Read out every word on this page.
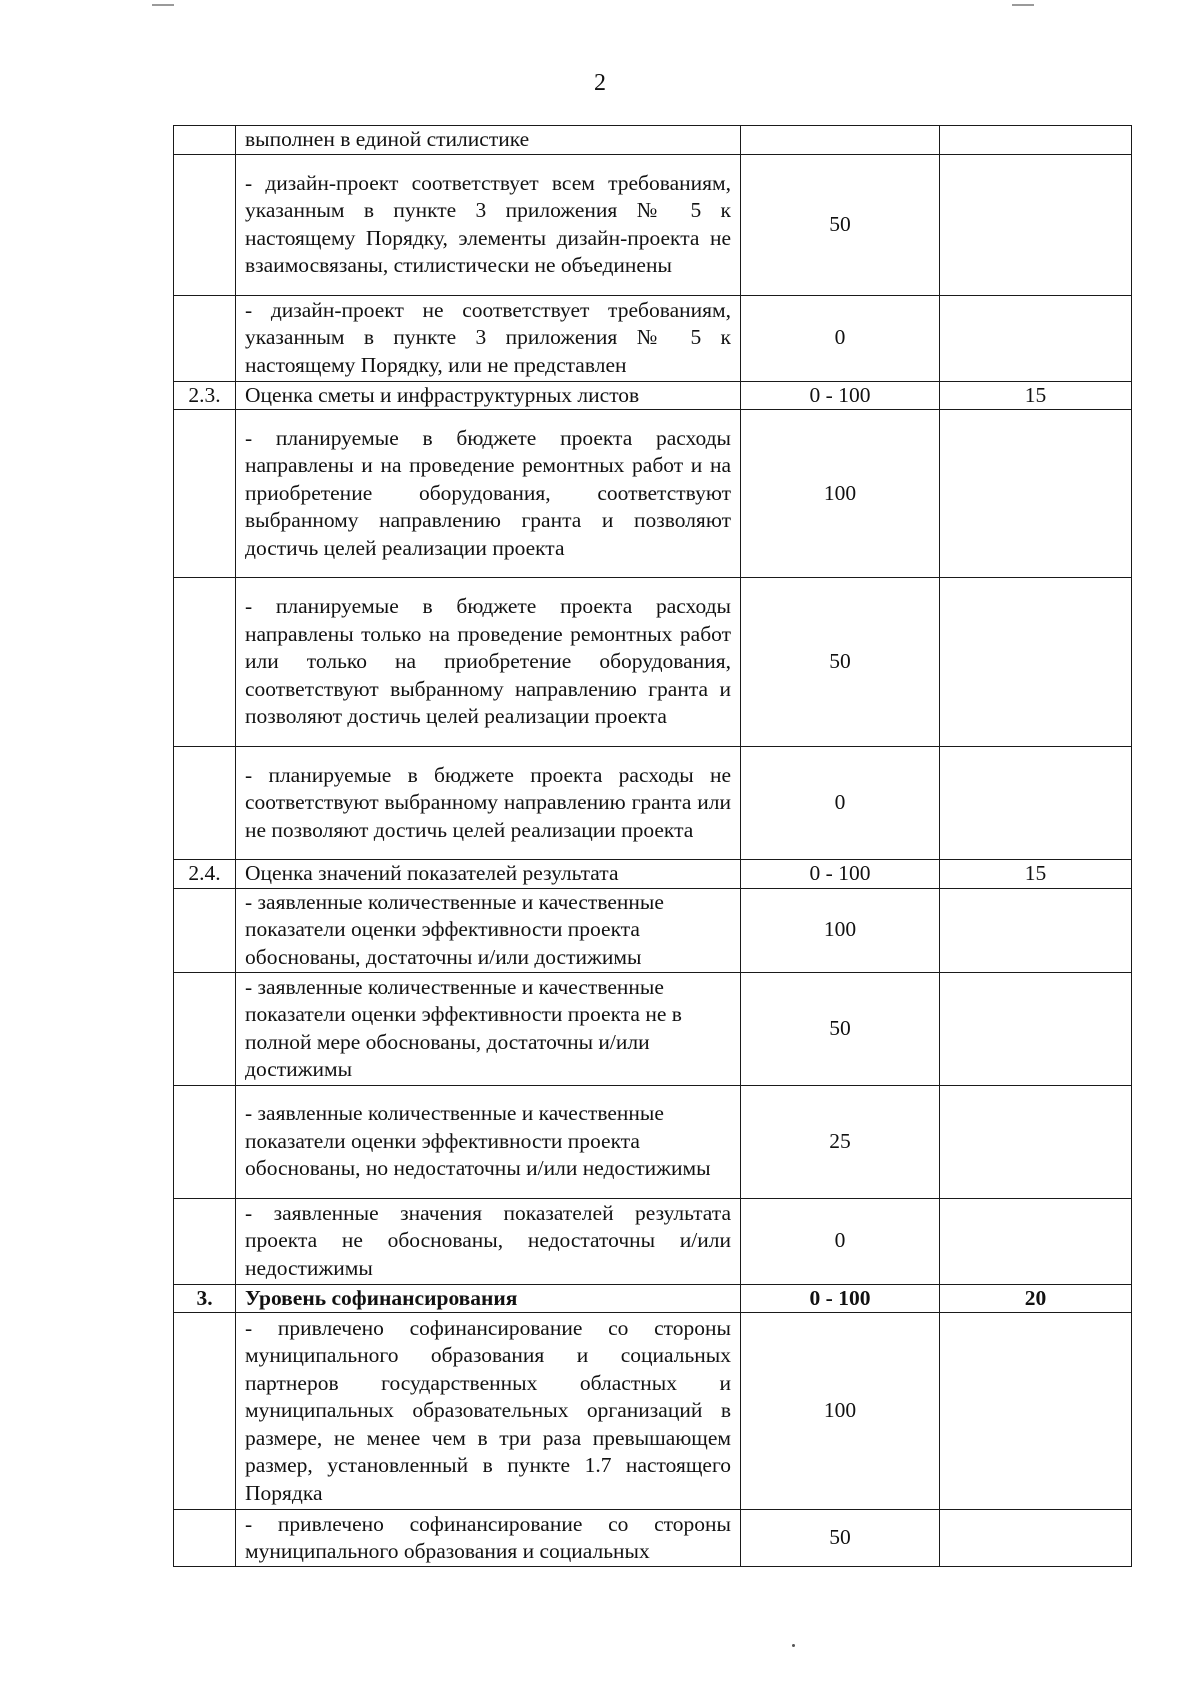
2
	выполнен в единой стилистике		
	- дизайн-проект соответствует всем требованиям, указанным в пункте 3 приложения № 5 к настоящему Порядку, элементы дизайн-проекта не взаимосвязаны, стилистически не объединены	50	
	- дизайн-проект не соответствует требованиям, указанным в пункте 3 приложения № 5 к настоящему Порядку, или не представлен	0	
2.3.	Оценка сметы и инфраструктурных листов	0 - 100	15
	- планируемые в бюджете проекта расходы направлены и на проведение ремонтных работ и на приобретение оборудования, соответствуют выбранному направлению гранта и позволяют достичь целей реализации проекта	100	
	- планируемые в бюджете проекта расходы направлены только на проведение ремонтных работ или только на приобретение оборудования, соответствуют выбранному направлению гранта и позволяют достичь целей реализации проекта	50	
	- планируемые в бюджете проекта расходы не соответствуют выбранному направлению гранта или не позволяют достичь целей реализации проекта	0	
2.4.	Оценка значений показателей результата	0 - 100	15
	- заявленные количественные и качественные показатели оценки эффективности проекта обоснованы, достаточны и/или достижимы	100	
	- заявленные количественные и качественные показатели оценки эффективности проекта не в полной мере обоснованы, достаточны и/или достижимы	50	
	- заявленные количественные и качественные показатели оценки эффективности проекта обоснованы, но недостаточны и/или недостижимы	25	
	- заявленные значения показателей результата проекта не обоснованы, недостаточны и/или недостижимы	0	
3.	Уровень софинансирования	0 - 100	20
	- привлечено софинансирование со стороны муниципального образования и социальных партнеров государственных областных и муниципальных образовательных организаций в размере, не менее чем в три раза превышающем размер, установленный в пункте 1.7 настоящего Порядка	100	
	- привлечено софинансирование со стороны муниципального образования и социальных	50	
